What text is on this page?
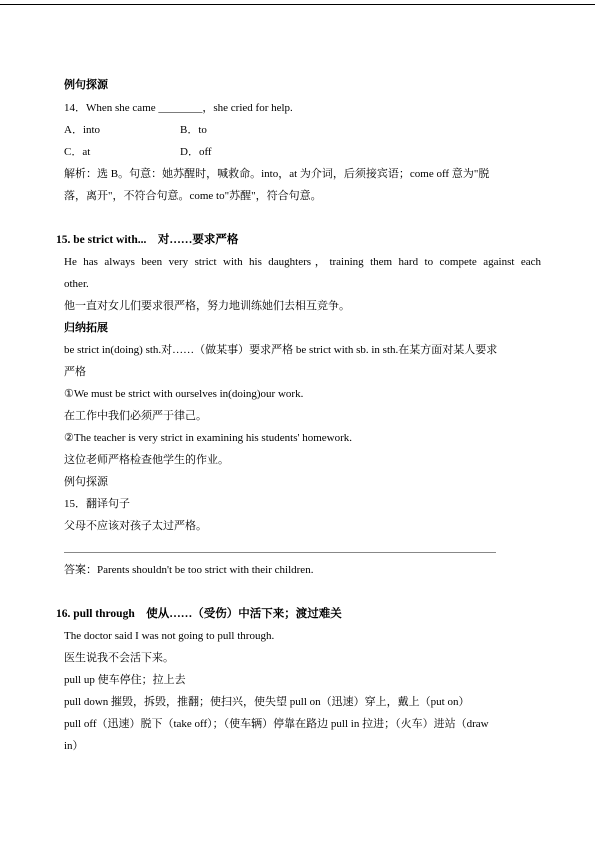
例句探源
14．When she came ________，she cried for help.
A．into	B．to
C．at	D．off
解析：选 B。句意：她苏醒时，喊救命。into，at 为介词，后须接宾语；come off 意为"脱
落，离开"，不符合句意。come to"苏醒"，符合句意。
15. be strict with...　对……要求严格
He has always been very strict with his daughters，training them hard to compete against each
other.
他一直对女儿们要求很严格，努力地训练她们去相互竞争。
归纳拓展
be strict in(doing) sth.对……（做某事）要求严格 be strict with sb. in sth.在某方面对某人要求
严格
①We must be strict with ourselves in(doing)our work.
在工作中我们必须严于律己。
②The teacher is very strict in examining his students' homework.
这位老师严格检查他学生的作业。
例句探源
15．翻译句子
父母不应该对孩子太过严格。
答案：Parents shouldn't be too strict with their children.
16. pull through　使从……（受伤）中活下来；渡过难关
The doctor said I was not going to pull through.
医生说我不会活下来。
pull up 使车停住；拉上去
pull down 摧毁，拆毁，推翻；使扫兴，使失望 pull on（迅速）穿上，戴上（put on）
pull off（迅速）脱下（take off）；（使车辆）停靠在路边 pull in 拉进；（火车）进站（draw
in）
